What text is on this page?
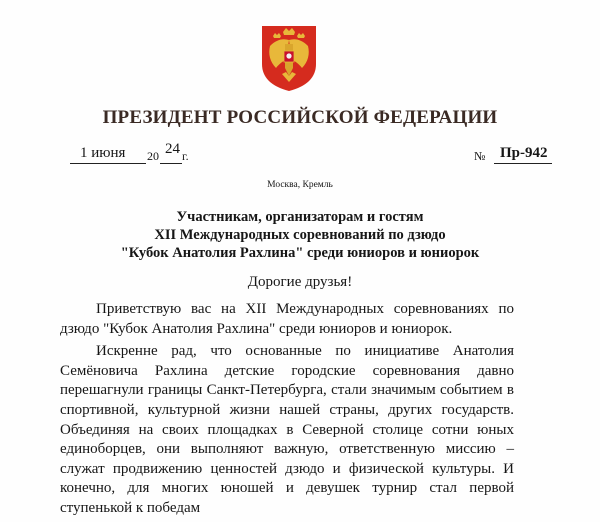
ПРЕЗИДЕНТ РОССИЙСКОЙ ФЕДЕРАЦИИ
1 июня 20 24 г.	№ Пр-942
Москва, Кремль
Участникам, организаторам и гостям
XII Международных соревнований по дзюдо
"Кубок Анатолия Рахлина" среди юниоров и юниорок
Дорогие друзья!

Приветствую вас на XII Международных соревнованиях по дзюдо "Кубок Анатолия Рахлина" среди юниоров и юниорок.

Искренне рад, что основанные по инициативе Анатолия Семёновича Рахлина детские городские соревнования давно перешагнули границы Санкт-Петербурга, стали значимым событием в спортивной, культурной жизни нашей страны, других государств. Объединяя на своих площадках в Северной столице сотни юных единоборцев, они выполняют важную, ответственную миссию – служат продвижению ценностей дзюдо и физической культуры. И конечно, для многих юношей и девушек турнир стал первой ступенькой к победам
